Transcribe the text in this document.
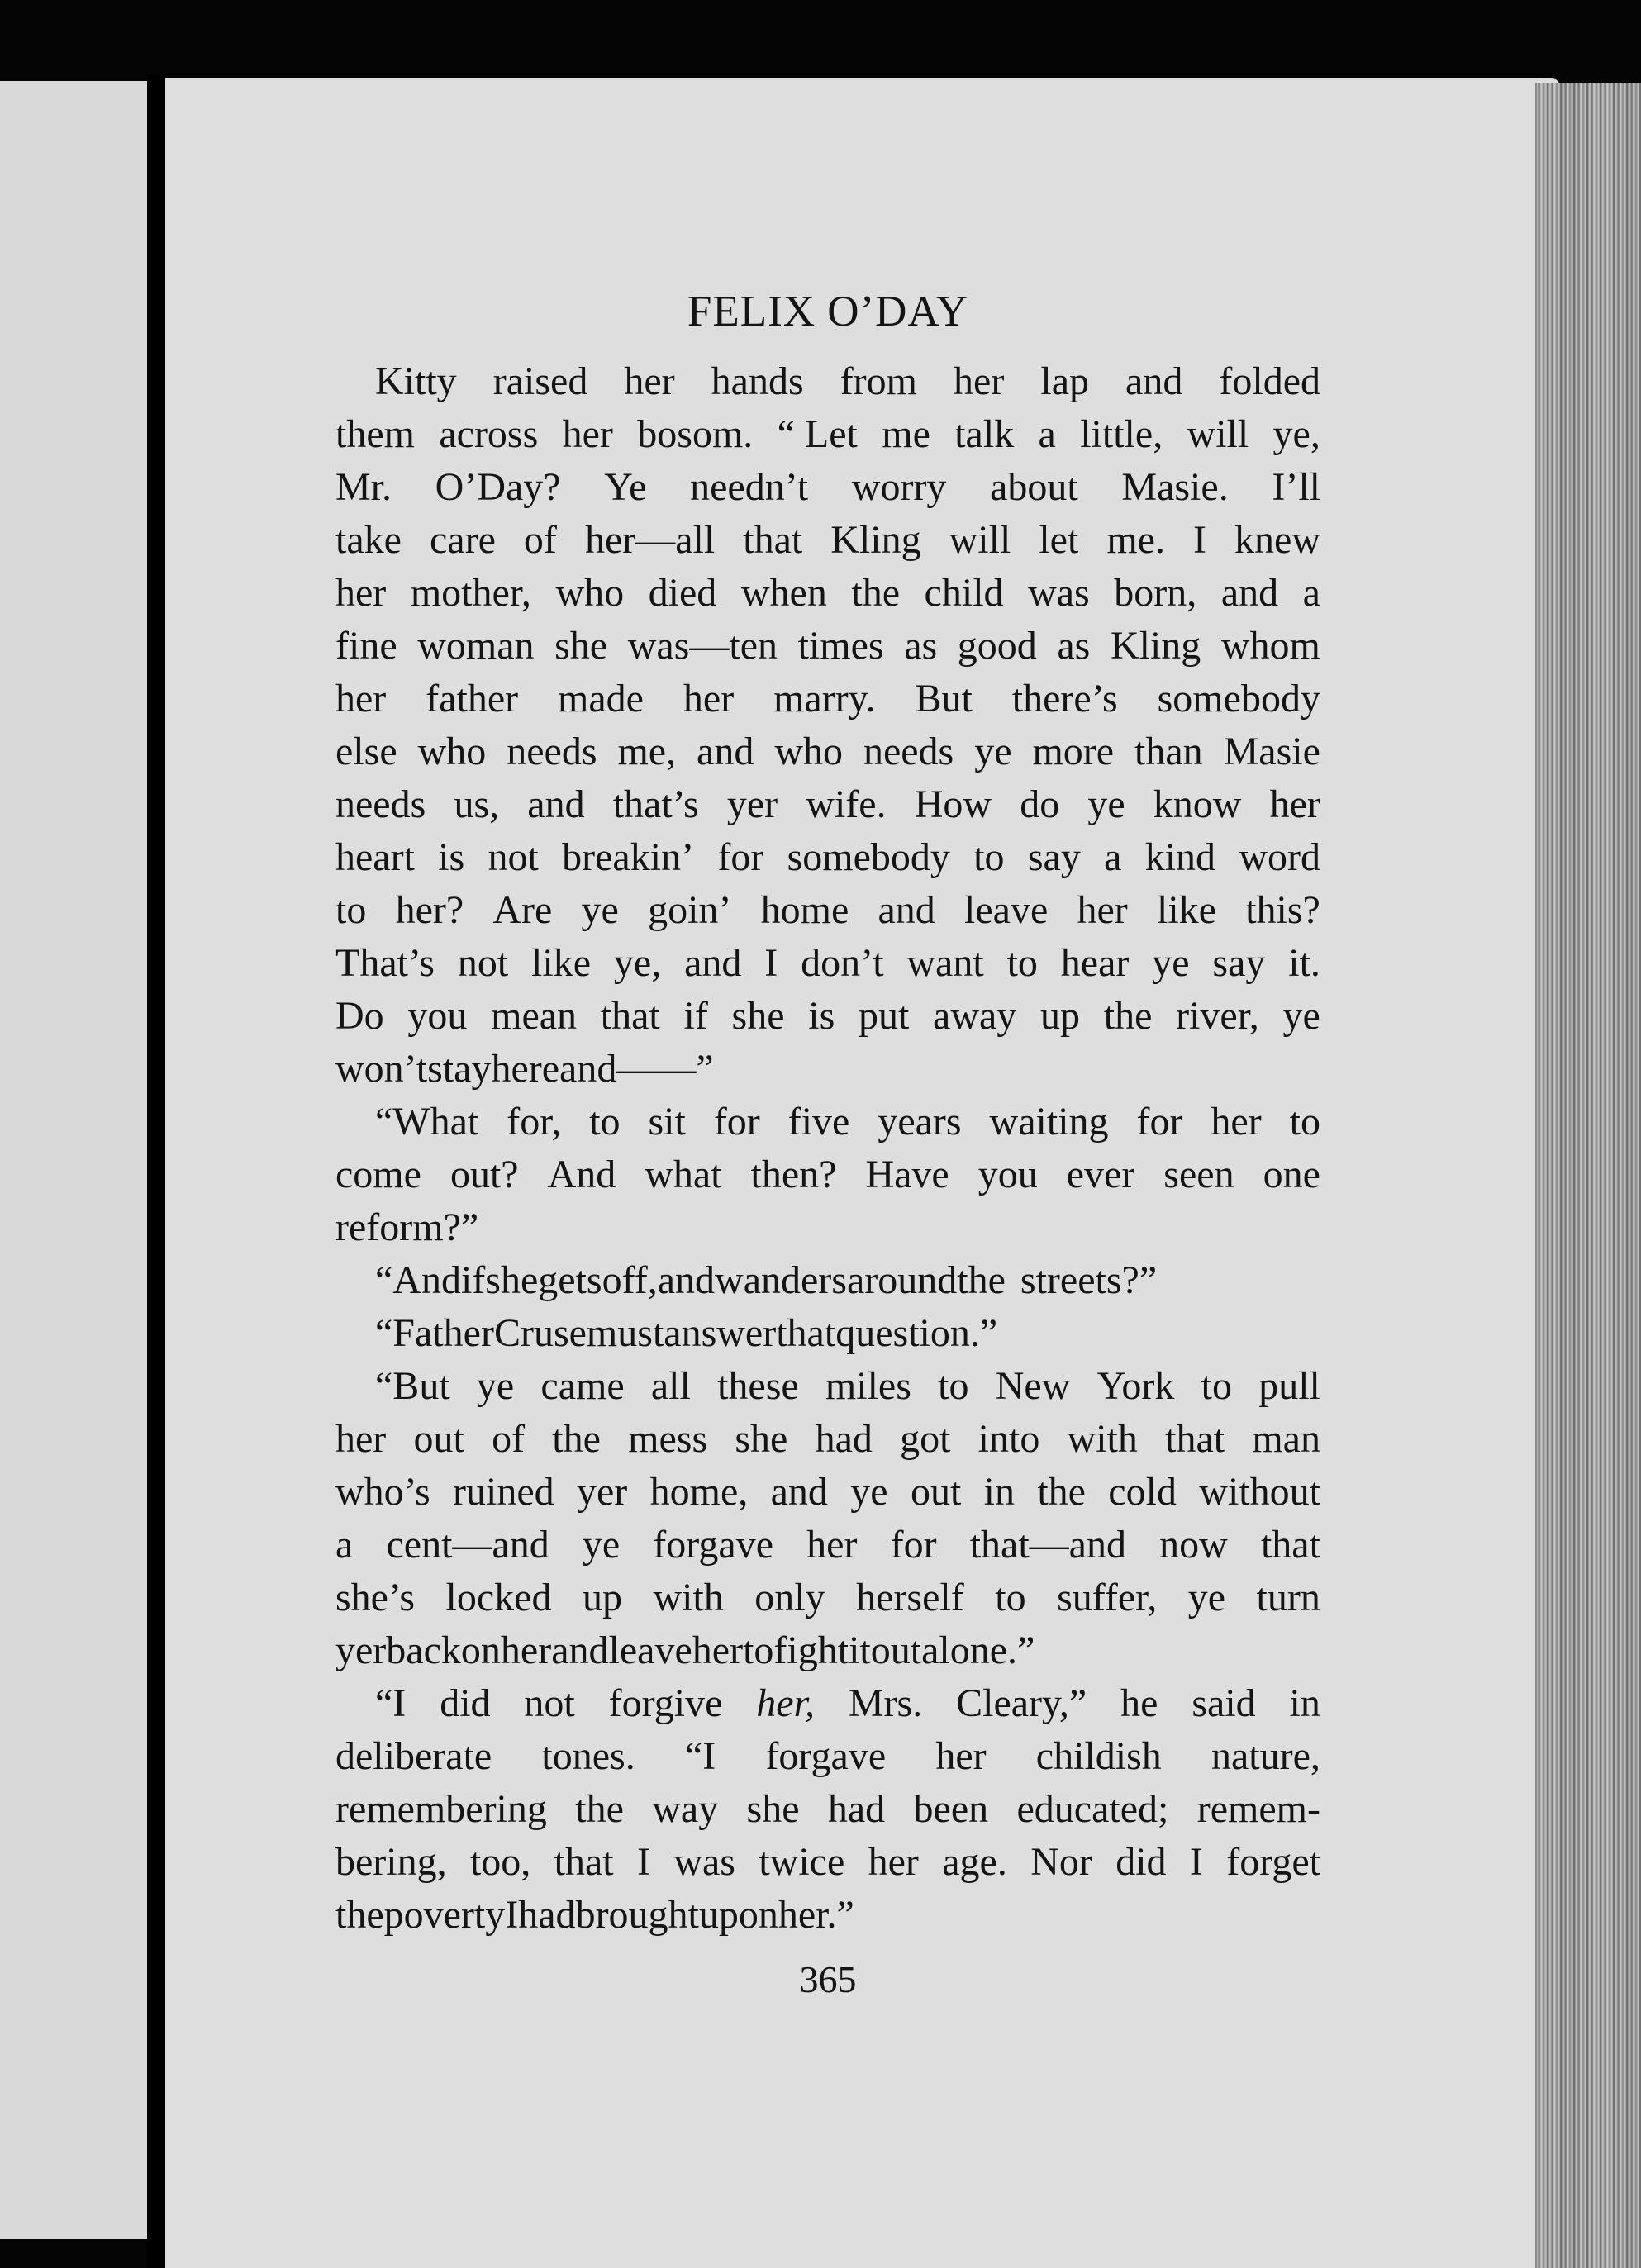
FELIX O’DAY
Kitty raised her hands from her lap and folded
them across her bosom. “ Let me talk a little, will ye,
Mr. O’Day? Ye needn’t worry about Masie. I’ll
take care of her—all that Kling will let me. I knew
her mother, who died when the child was born, and a
fine woman she was—ten times as good as Kling whom
her father made her marry. But there’s somebody
else who needs me, and who needs ye more than Masie
needs us, and that’s yer wife. How do ye know her
heart is not breakin’ for somebody to say a kind word
to her? Are ye goin’ home and leave her like this?
That’s not like ye, and I don’t want to hear ye say it.
Do you mean that if she is put away up the river, ye
won’t stay here and——”
“What for, to sit for five years waiting for her to
come out? And what then? Have you ever seen one
reform?”
“And if she gets off, and wanders around the streets?”
“Father Cruse must answer that question.”
“But ye came all these miles to New York to pull
her out of the mess she had got into with that man
who’s ruined yer home, and ye out in the cold without
a cent—and ye forgave her for that—and now that
she’s locked up with only herself to suffer, ye turn
yer back on her and leave her to fight it out alone.”
“I did not forgive her, Mrs. Cleary,” he said in
deliberate tones. “I forgave her childish nature,
remembering the way she had been educated; remem-
bering, too, that I was twice her age. Nor did I forget
the poverty I had brought upon her.”
365
